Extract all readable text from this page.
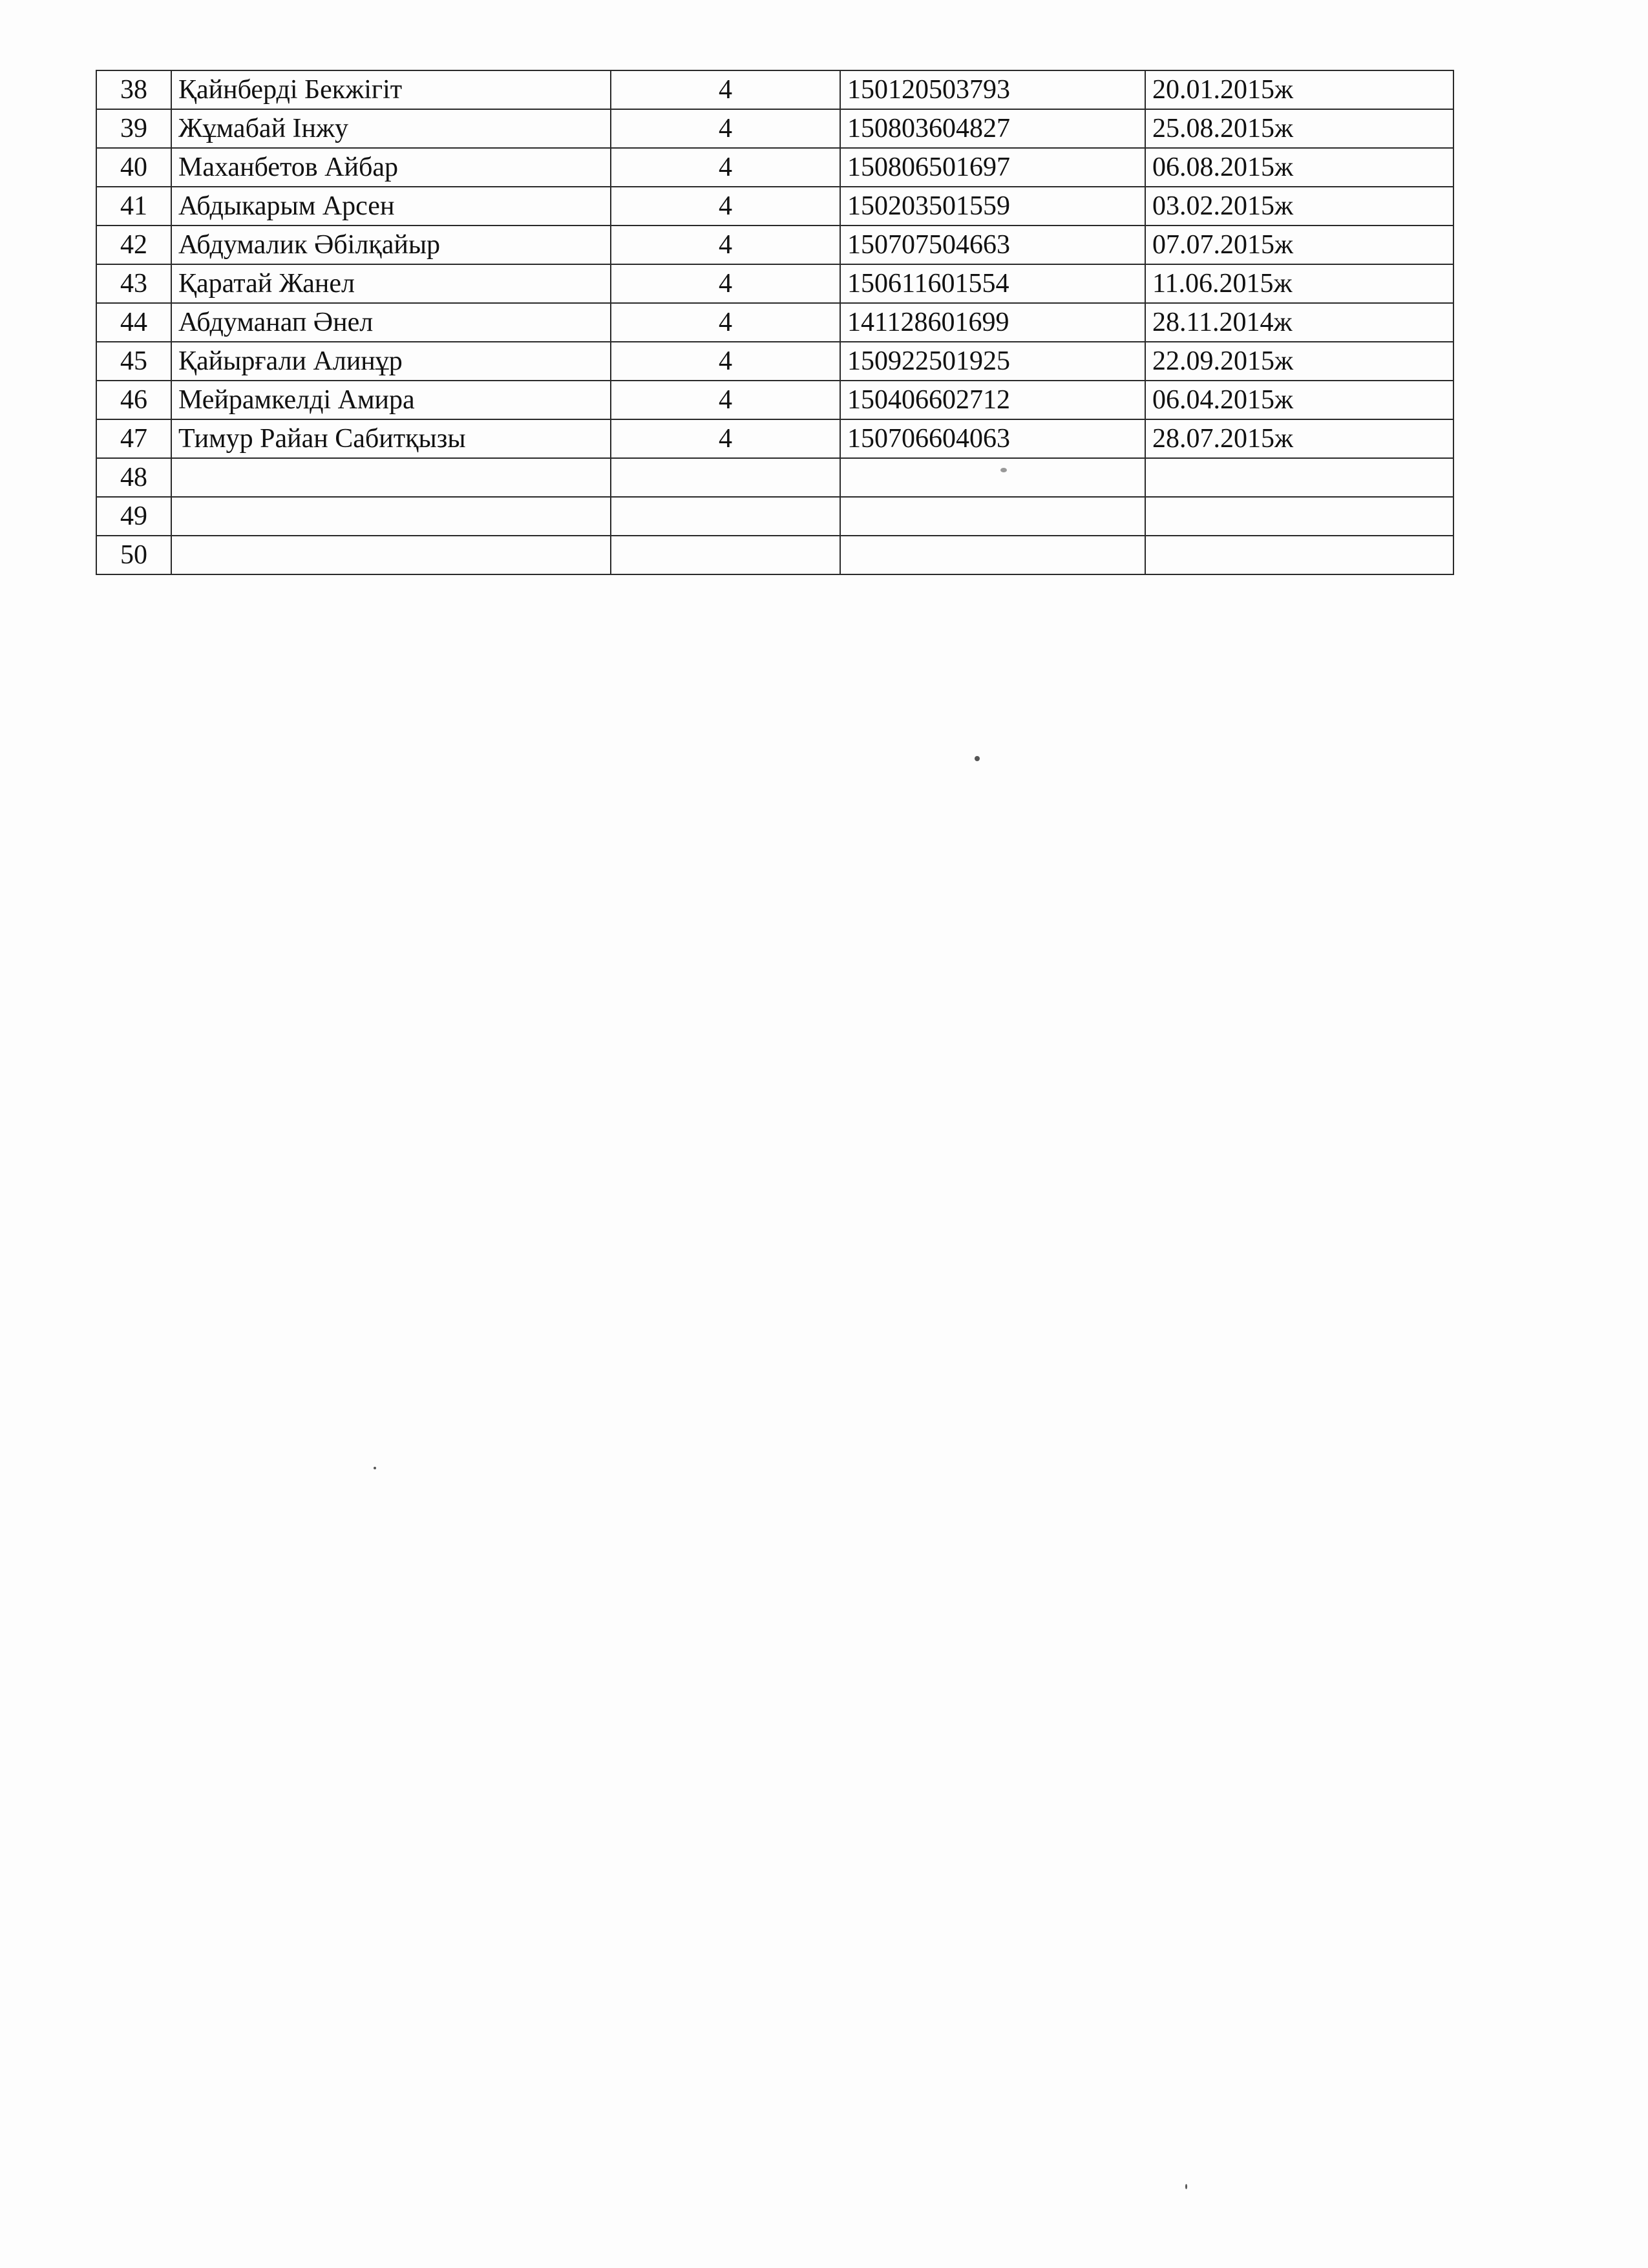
38	Қайнберді Бекжігіт	4	150120503793	20.01.2015ж
39	Жұмабай Інжу	4	150803604827	25.08.2015ж
40	Маханбетов Айбар	4	150806501697	06.08.2015ж
41	Абдыкарым Арсен	4	150203501559	03.02.2015ж
42	Абдумалик Әбілқайыр	4	150707504663	07.07.2015ж
43	Қаратай Жанел	4	150611601554	11.06.2015ж
44	Абдуманап Әнел	4	141128601699	28.11.2014ж
45	Қайырғали Алинұр	4	150922501925	22.09.2015ж
46	Мейрамкелді Амира	4	150406602712	06.04.2015ж
47	Тимур Райан Сабитқызы	4	150706604063	28.07.2015ж
48				
49				
50				
